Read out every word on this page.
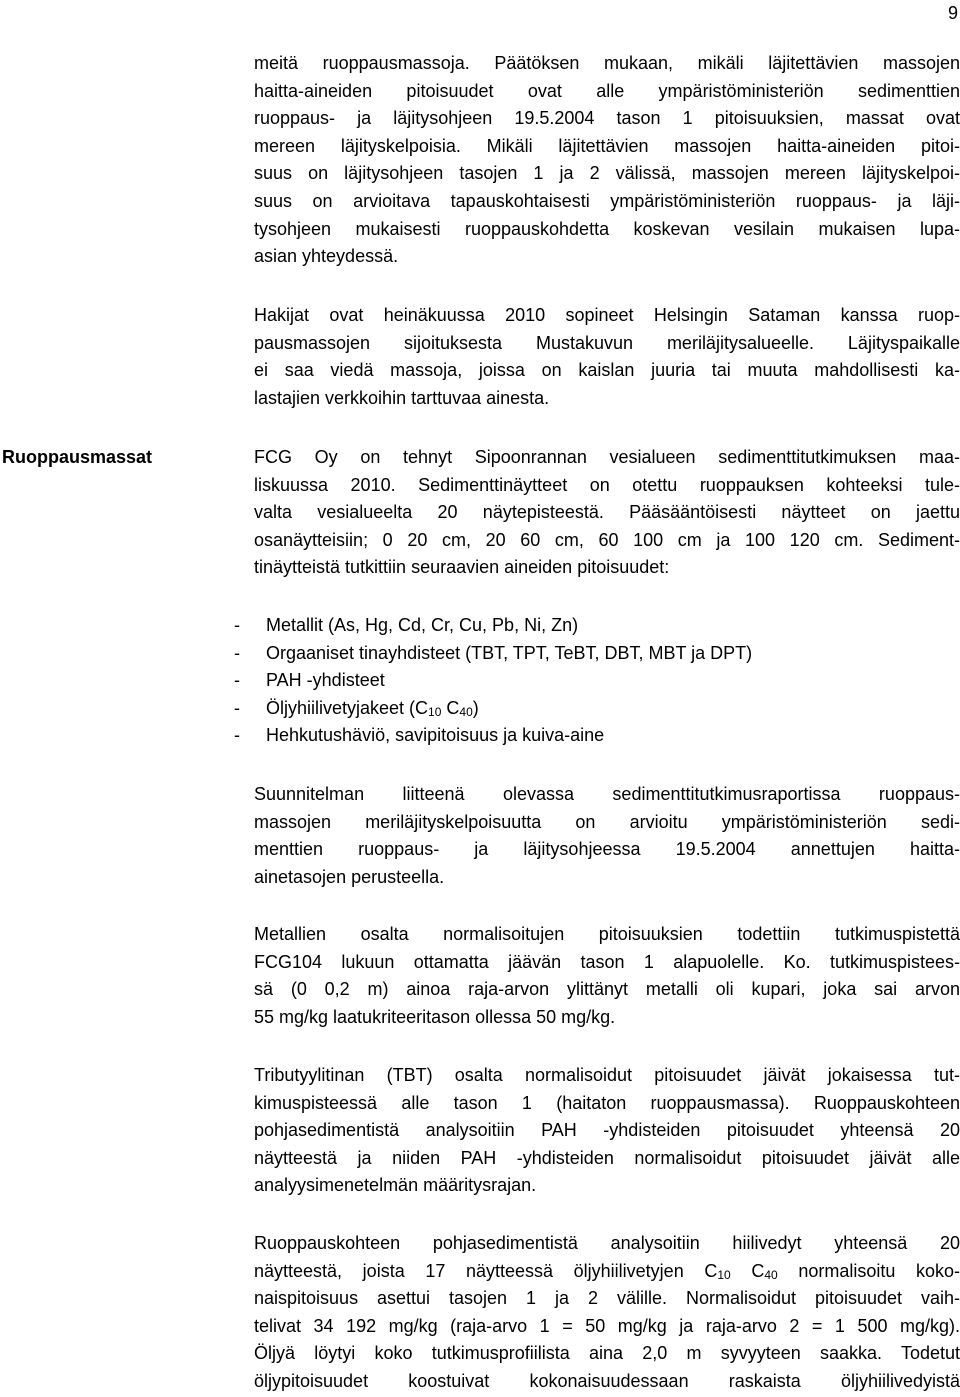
9
Ruoppausmassat

meitä ruoppausmassoja. Päätöksen mukaan, mikäli läjitettävien massojen
haitta-aineiden pitoisuudet ovat alle ympäristöministeriön sedimenttien
ruoppaus- ja läjitysohjeen 19.5.2004 tason 1 pitoisuuksien, massat ovat
mereen läjityskelpoisia. Mikäli läjitettävien massojen haitta-aineiden pitoi-
suus on läjitysohjeen tasojen 1 ja 2 välissä, massojen mereen läjityskelpoi-
suus on arvioitava tapauskohtaisesti ympäristöministeriön ruoppaus- ja läji-
tysohjeen mukaisesti ruoppauskohdetta koskevan vesilain mukaisen lupa-
asian yhteydessä.

Hakijat ovat heinäkuussa 2010 sopineet Helsingin Sataman kanssa ruop-
pausmassojen sijoituksesta Mustakuvun meriläjitysalueelle. Läjityspaikalle
ei saa viedä massoja, joissa on kaislan juuria tai muuta mahdollisesti ka-
lastajien verkkoihin tarttuvaa ainesta.

FCG Oy on tehnyt Sipoonrannan vesialueen sedimenttitutkimuksen maa-
liskuussa 2010. Sedimenttinäytteet on otettu ruoppauksen kohteeksi tule-
valta vesialueelta 20 näytepisteestä. Pääsääntöisesti näytteet on jaettu
osanäytteisiin; 0 20 cm, 20 60 cm, 60 100 cm ja 100 120 cm. Sediment-
tinäytteistä tutkittiin seuraavien aineiden pitoisuudet:

- Metallit (As, Hg, Cd, Cr, Cu, Pb, Ni, Zn)
- Orgaaniset tinayhdisteet (TBT, TPT, TeBT, DBT, MBT ja DPT)
- PAH -yhdisteet
- Öljyhiilivetyjakeet ($C_{10}$ $C_{40}$)
- Hehkutushäviö, savipitoisuus ja kuiva-aine

Suunnitelman liitteenä olevassa sedimenttitutkimusraportissa ruoppaus-
massojen meriläjityskelpoisuutta on arvioitu ympäristöministeriön sedi-
menttien ruoppaus- ja läjitysohjeessa 19.5.2004 annettujen haitta-
ainetasojen perusteella.

Metallien osalta normalisoitujen pitoisuuksien todettiin tutkimuspistettä
FCG104 lukuun ottamatta jäävän tason 1 alapuolelle. Ko. tutkimuspistees-
sä (0 0,2 m) ainoa raja-arvon ylittänyt metalli oli kupari, joka sai arvon
55 mg/kg laatukriteeritason ollessa 50 mg/kg.

Tributyylitinan (TBT) osalta normalisoidut pitoisuudet jäivät jokaisessa tut-
kimuspisteessä alle tason 1 (haitaton ruoppausmassa). Ruoppauskohteen
pohjasedimentistä analysoitiin PAH -yhdisteiden pitoisuudet yhteensä 20
näytteestä ja niiden PAH -yhdisteiden normalisoidut pitoisuudet jäivät alle
analyysimenetelmän määritysrajan.

Ruoppauskohteen pohjasedimentistä analysoitiin hiilivedyt yhteensä 20
näytteestä, joista 17 näytteessä öljyhiilivetyjen $C_{10}$ $C_{40}$ normalisoitu koko-
naispitoisuus asettui tasojen 1 ja 2 välille. Normalisoidut pitoisuudet vaih-
telivat 34 192 mg/kg (raja-arvo 1 = 50 mg/kg ja raja-arvo 2 = 1 500 mg/kg).
Öljyä löytyi koko tutkimusprofiilista aina 2,0 m syvyyteen saakka. Todetut
öljypitoisuudet koostuivat kokonaisuudessaan raskaista öljyhiilivedyistä
